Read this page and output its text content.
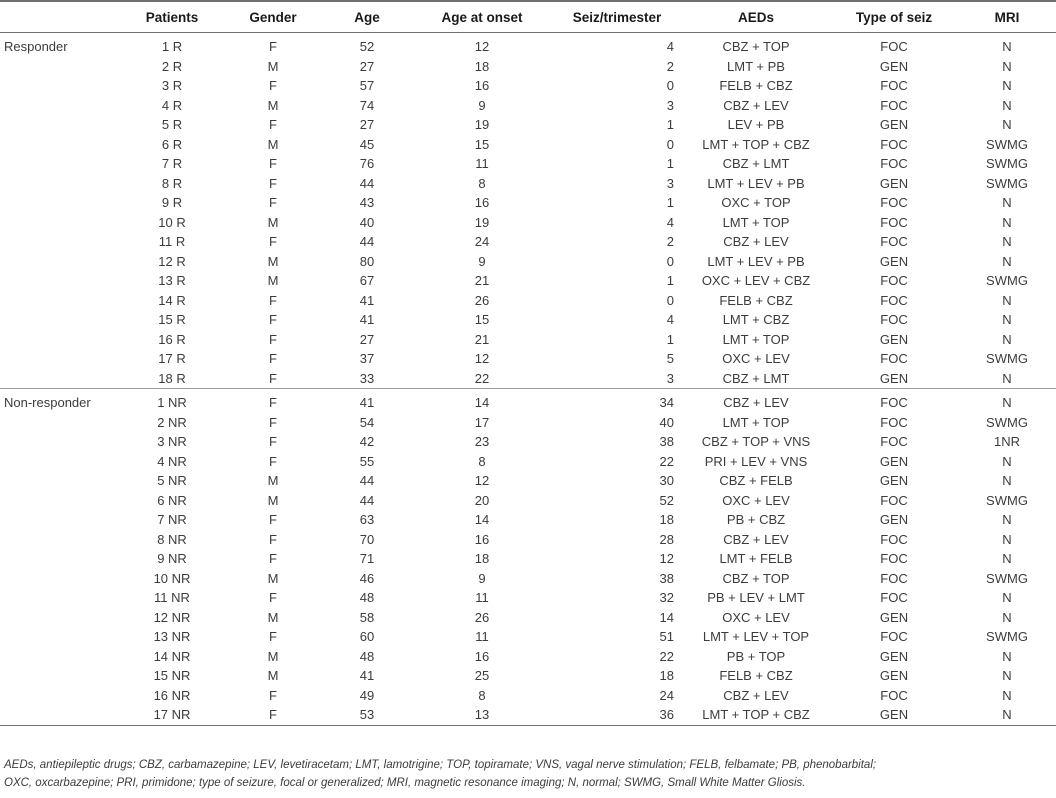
	Patients	Gender	Age	Age at onset	Seiz/trimester	AEDs	Type of seiz	MRI
Responder	1 R	F	52	12	4	CBZ + TOP	FOC	N
	2 R	M	27	18	2	LMT + PB	GEN	N
	3 R	F	57	16	0	FELB + CBZ	FOC	N
	4 R	M	74	9	3	CBZ + LEV	FOC	N
	5 R	F	27	19	1	LEV + PB	GEN	N
	6 R	M	45	15	0	LMT + TOP + CBZ	FOC	SWMG
	7 R	F	76	11	1	CBZ + LMT	FOC	SWMG
	8 R	F	44	8	3	LMT + LEV + PB	GEN	SWMG
	9 R	F	43	16	1	OXC + TOP	FOC	N
	10 R	M	40	19	4	LMT + TOP	FOC	N
	11 R	F	44	24	2	CBZ + LEV	FOC	N
	12 R	M	80	9	0	LMT + LEV + PB	GEN	N
	13 R	M	67	21	1	OXC + LEV + CBZ	FOC	SWMG
	14 R	F	41	26	0	FELB + CBZ	FOC	N
	15 R	F	41	15	4	LMT + CBZ	FOC	N
	16 R	F	27	21	1	LMT + TOP	GEN	N
	17 R	F	37	12	5	OXC + LEV	FOC	SWMG
	18 R	F	33	22	3	CBZ + LMT	GEN	N
Non-responder	1 NR	F	41	14	34	CBZ + LEV	FOC	N
	2 NR	F	54	17	40	LMT + TOP	FOC	SWMG
	3 NR	F	42	23	38	CBZ + TOP + VNS	FOC	1NR
	4 NR	F	55	8	22	PRI + LEV + VNS	GEN	N
	5 NR	M	44	12	30	CBZ + FELB	GEN	N
	6 NR	M	44	20	52	OXC + LEV	FOC	SWMG
	7 NR	F	63	14	18	PB + CBZ	GEN	N
	8 NR	F	70	16	28	CBZ + LEV	FOC	N
	9 NR	F	71	18	12	LMT + FELB	FOC	N
	10 NR	M	46	9	38	CBZ + TOP	FOC	SWMG
	11 NR	F	48	11	32	PB + LEV + LMT	FOC	N
	12 NR	M	58	26	14	OXC + LEV	GEN	N
	13 NR	F	60	11	51	LMT + LEV + TOP	FOC	SWMG
	14 NR	M	48	16	22	PB + TOP	GEN	N
	15 NR	M	41	25	18	FELB + CBZ	GEN	N
	16 NR	F	49	8	24	CBZ + LEV	FOC	N
	17 NR	F	53	13	36	LMT + TOP + CBZ	GEN	N
AEDs, antiepileptic drugs; CBZ, carbamazepine; LEV, levetiracetam; LMT, lamotrigine; TOP, topiramate; VNS, vagal nerve stimulation; FELB, felbamate; PB, phenobarbital;
OXC, oxcarbazepine; PRI, primidone; type of seizure, focal or generalized; MRI, magnetic resonance imaging; N, normal; SWMG, Small White Matter Gliosis.
